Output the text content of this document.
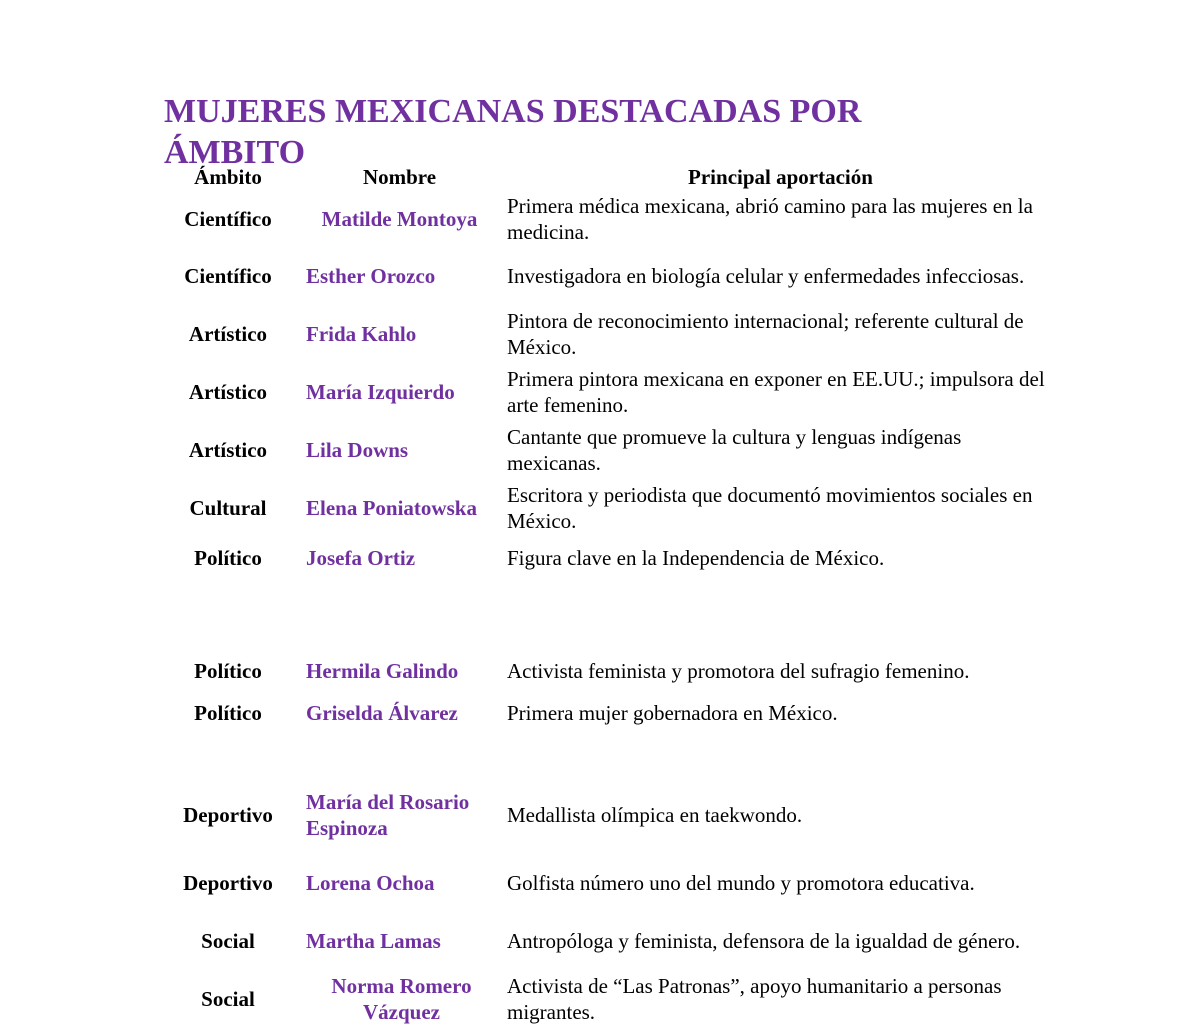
MUJERES MEXICANAS DESTACADAS POR ÁMBITO
Ámbito	Nombre	Principal aportación
Científico	Matilde Montoya	Primera médica mexicana, abrió camino para las mujeres en la medicina.
Científico	Esther Orozco	Investigadora en biología celular y enfermedades infecciosas.
Artístico	Frida Kahlo	Pintora de reconocimiento internacional; referente cultural de México.
Artístico	María Izquierdo	Primera pintora mexicana en exponer en EE.UU.; impulsora del arte femenino.
Artístico	Lila Downs	Cantante que promueve la cultura y lenguas indígenas mexicanas.
Cultural	Elena Poniatowska	Escritora y periodista que documentó movimientos sociales en México.
Político	Josefa Ortiz	Figura clave en la Independencia de México.
Político	Hermila Galindo	Activista feminista y promotora del sufragio femenino.
Político	Griselda Álvarez	Primera mujer gobernadora en México.
Deportivo	María del Rosario Espinoza	Medallista olímpica en taekwondo.
Deportivo	Lorena Ochoa	Golfista número uno del mundo y promotora educativa.
Social	Martha Lamas	Antropóloga y feminista, defensora de la igualdad de género.
Social	Norma Romero Vázquez	Activista de “Las Patronas”, apoyo humanitario a personas migrantes.
